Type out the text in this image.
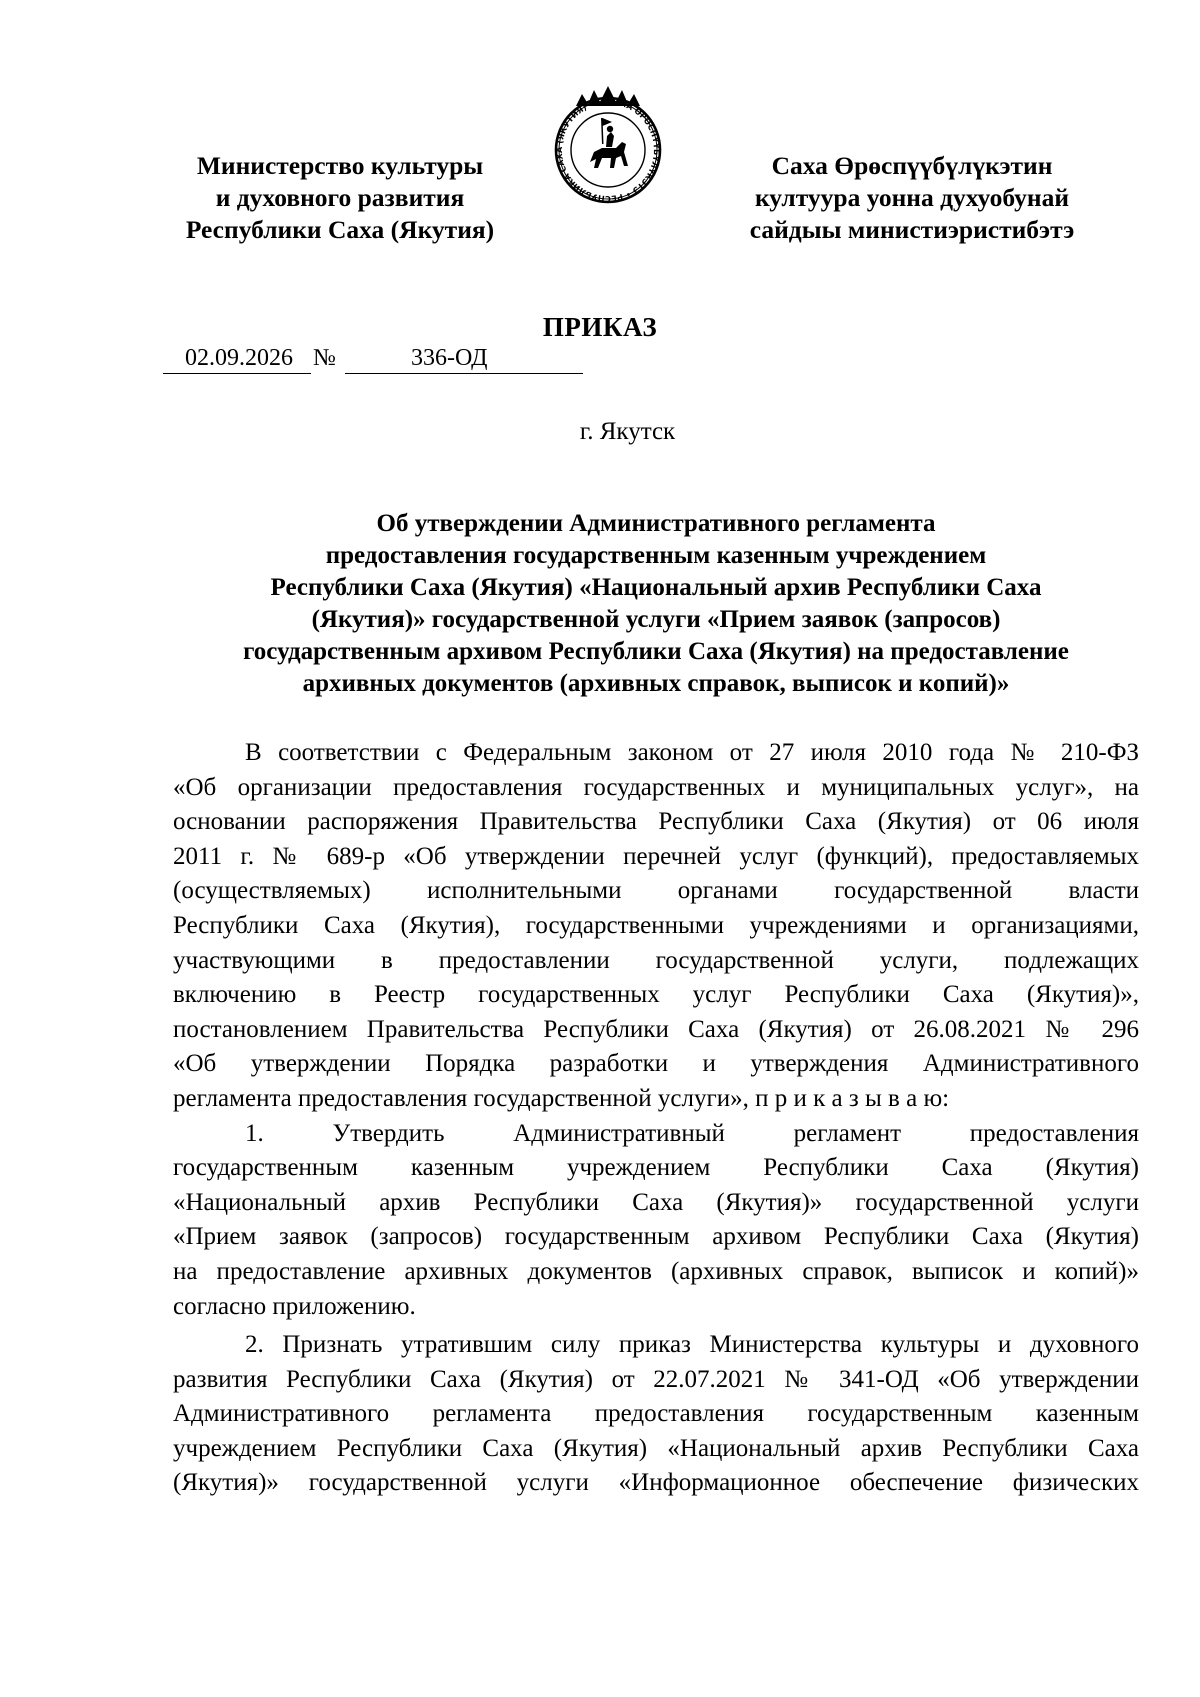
Министерство культуры
и духовного развития
Республики Саха (Якутия)
САХА ӨРӨСПҮҮБҮЛҮКЭТЭ • РЕСПУБЛИКА САХА (ЯКУТИЯ) •
Саха Өрөспүүбүлүкэтин
култуура уонна духуобунай
сайдыы министиэристибэтэ
ПРИКАЗ
02.09.2026 №	336-ОД
г. Якутск
Об утверждении Административного регламента
предоставления государственным казенным учреждением
Республики Саха (Якутия) «Национальный архив Республики Саха
(Якутия)» государственной услуги «Прием заявок (запросов)
государственным архивом Республики Саха (Якутия) на предоставление
архивных документов (архивных справок, выписок и копий)»
В соответствии с Федеральным законом от 27 июля 2010 года № 210-ФЗ
«Об организации предоставления государственных и муниципальных услуг», на
основании распоряжения Правительства Республики Саха (Якутия) от 06 июля
2011 г. № 689-р «Об утверждении перечней услуг (функций), предоставляемых
(осуществляемых) исполнительными органами государственной власти
Республики Саха (Якутия), государственными учреждениями и организациями,
участвующими в предоставлении государственной услуги, подлежащих
включению в Реестр государственных услуг Республики Саха (Якутия)»,
постановлением Правительства Республики Саха (Якутия) от 26.08.2021 № 296
«Об утверждении Порядка разработки и утверждения Административного
регламента предоставления государственной услуги», п р и к а з ы в а ю:
1. Утвердить Административный регламент предоставления
государственным казенным учреждением Республики Саха (Якутия)
«Национальный архив Республики Саха (Якутия)» государственной услуги
«Прием заявок (запросов) государственным архивом Республики Саха (Якутия)
на предоставление архивных документов (архивных справок, выписок и копий)»
согласно приложению.
2. Признать утратившим силу приказ Министерства культуры и духовного
развития Республики Саха (Якутия) от 22.07.2021 № 341-ОД «Об утверждении
Административного регламента предоставления государственным казенным
учреждением Республики Саха (Якутия) «Национальный архив Республики Саха
(Якутия)» государственной услуги «Информационное обеспечение физических
